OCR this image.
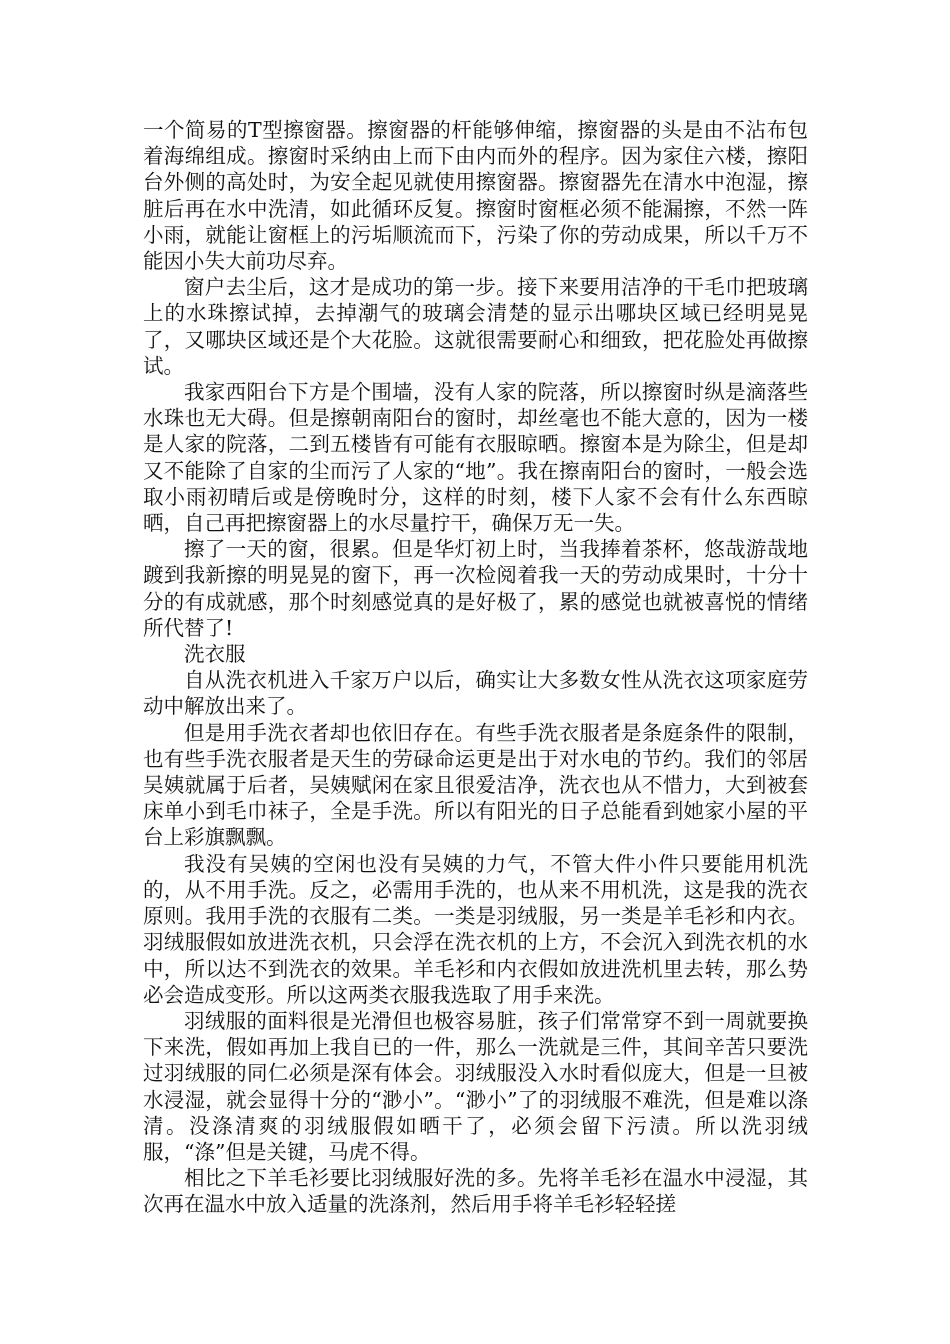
一个简易的T型擦窗器。擦窗器的杆能够伸缩，擦窗器的头是由不沾布包着海绵组成。擦窗时采纳由上而下由内而外的程序。因为家住六楼，擦阳台外侧的高处时，为安全起见就使用擦窗器。擦窗器先在清水中泡湿，擦脏后再在水中洗清，如此循环反复。擦窗时窗框必须不能漏擦，不然一阵小雨，就能让窗框上的污垢顺流而下，污染了你的劳动成果，所以千万不能因小失大前功尽弃。

窗户去尘后，这才是成功的第一步。接下来要用洁净的干毛巾把玻璃上的水珠擦试掉，去掉潮气的玻璃会清楚的显示出哪块区域已经明晃晃了，又哪块区域还是个大花脸。这就很需要耐心和细致，把花脸处再做擦试。

我家西阳台下方是个围墙，没有人家的院落，所以擦窗时纵是滴落些水珠也无大碍。但是擦朝南阳台的窗时，却丝毫也不能大意的，因为一楼是人家的院落，二到五楼皆有可能有衣服晾晒。擦窗本是为除尘，但是却又不能除了自家的尘而污了人家的“地”。我在擦南阳台的窗时，一般会选取小雨初晴后或是傍晚时分，这样的时刻，楼下人家不会有什么东西晾晒，自己再把擦窗器上的水尽量拧干，确保万无一失。

擦了一天的窗，很累。但是华灯初上时，当我捧着茶杯，悠哉游哉地踱到我新擦的明晃晃的窗下，再一次检阅着我一天的劳动成果时，十分十分的有成就感，那个时刻感觉真的是好极了，累的感觉也就被喜悦的情绪所代替了!

洗衣服

自从洗衣机进入千家万户以后，确实让大多数女性从洗衣这项家庭劳动中解放出来了。

但是用手洗衣者却也依旧存在。有些手洗衣服者是条庭条件的限制，也有些手洗衣服者是天生的劳碌命运更是出于对水电的节约。我们的邻居吴姨就属于后者，吴姨赋闲在家且很爱洁净，洗衣也从不惜力，大到被套床单小到毛巾袜子，全是手洗。所以有阳光的日子总能看到她家小屋的平台上彩旗飘飘。

我没有吴姨的空闲也没有吴姨的力气，不管大件小件只要能用机洗的，从不用手洗。反之，必需用手洗的，也从来不用机洗，这是我的洗衣原则。我用手洗的衣服有二类。一类是羽绒服，另一类是羊毛衫和内衣。羽绒服假如放进洗衣机，只会浮在洗衣机的上方，不会沉入到洗衣机的水中，所以达不到洗衣的效果。羊毛衫和内衣假如放进洗机里去转，那么势必会造成变形。所以这两类衣服我选取了用手来洗。

羽绒服的面料很是光滑但也极容易脏，孩子们常常穿不到一周就要换下来洗，假如再加上我自已的一件，那么一洗就是三件，其间辛苦只要洗过羽绒服的同仁必须是深有体会。羽绒服没入水时看似庞大，但是一旦被水浸湿，就会显得十分的“渺小”。“渺小”了的羽绒服不难洗，但是难以涤清。没涤清爽的羽绒服假如晒干了，必须会留下污渍。所以洗羽绒服，“涤”但是关键，马虎不得。

相比之下羊毛衫要比羽绒服好洗的多。先将羊毛衫在温水中浸湿，其次再在温水中放入适量的洗涤剂，然后用手将羊毛衫轻轻搓
